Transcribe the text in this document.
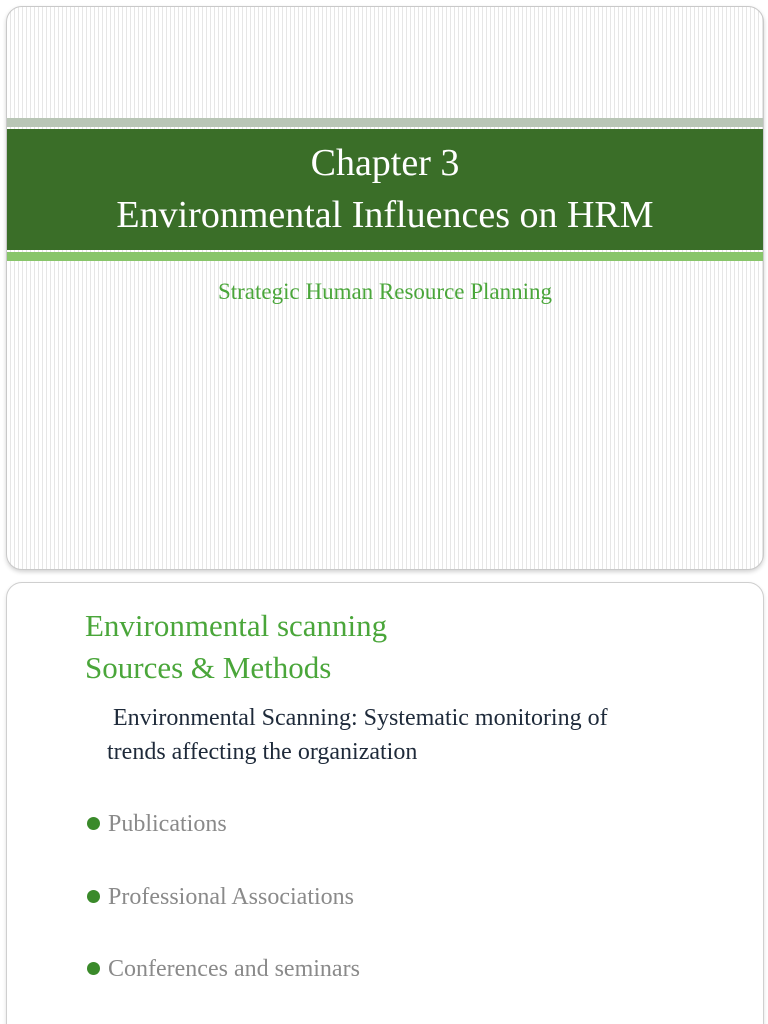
Chapter 3
Environmental Influences on HRM
Strategic Human Resource Planning
Environmental scanning
Sources & Methods
Environmental Scanning: Systematic monitoring of
trends affecting the organization
Publications
Professional Associations
Conferences and seminars
